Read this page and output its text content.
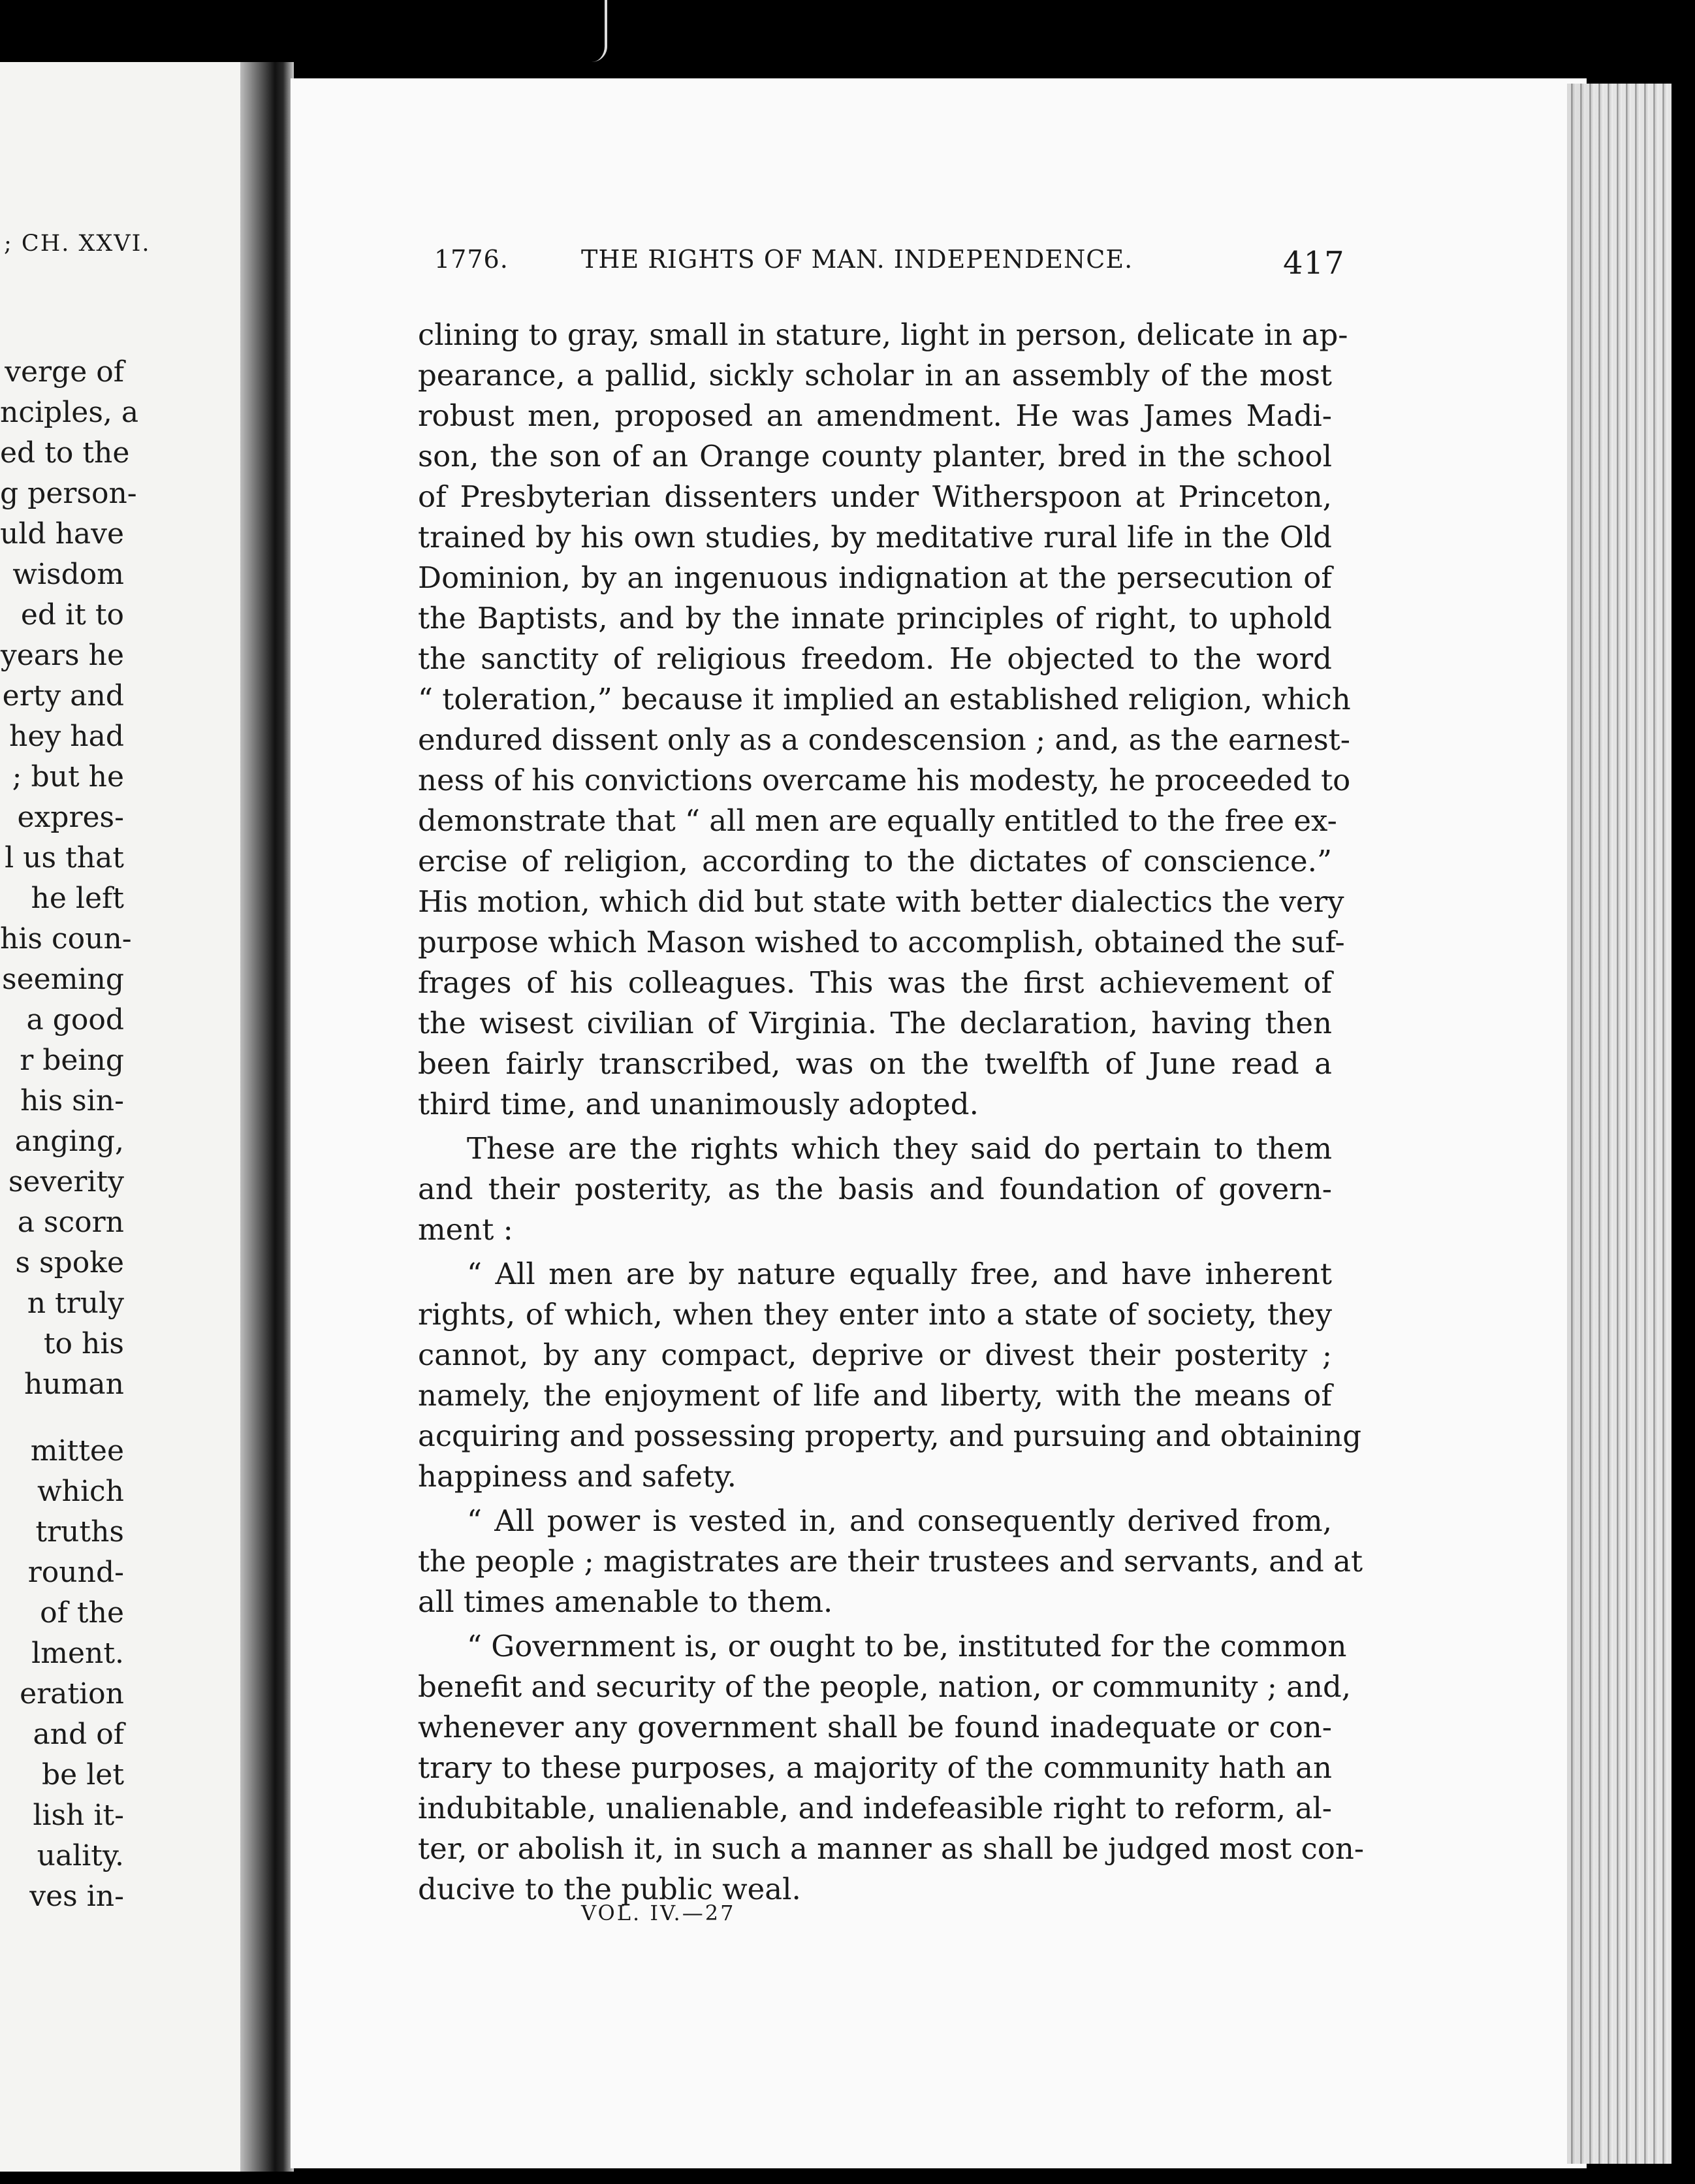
; CH. XXVI.
verge of
nciples, a
ed to the
g person-
uld have
wisdom
ed it to
years he
erty and
hey had
; but he
expres-
l us that
he left
his coun-
seeming
a good
r being
his sin-
anging,
severity
a scorn
s spoke
n truly
to his
human
mittee
which
truths
round-
of the
lment.
eration
and of
be let
lish it-
uality.
ves in-
1776.	THE RIGHTS OF MAN. INDEPENDENCE.	417
clining to gray, small in stature, light in person, delicate in ap-
pearance, a pallid, sickly scholar in an assembly of the most
robust men, proposed an amendment. He was James Madi-
son, the son of an Orange county planter, bred in the school
of Presbyterian dissenters under Witherspoon at Princeton,
trained by his own studies, by meditative rural life in the Old
Dominion, by an ingenuous indignation at the persecution of
the Baptists, and by the innate principles of right, to uphold
the sanctity of religious freedom. He objected to the word
“ toleration,” because it implied an established religion, which
endured dissent only as a condescension ; and, as the earnest-
ness of his convictions overcame his modesty, he proceeded to
demonstrate that “ all men are equally entitled to the free ex-
ercise of religion, according to the dictates of conscience.”
His motion, which did but state with better dialectics the very
purpose which Mason wished to accomplish, obtained the suf-
frages of his colleagues. This was the first achievement of
the wisest civilian of Virginia. The declaration, having then
been fairly transcribed, was on the twelfth of June read a
third time, and unanimously adopted.
These are the rights which they said do pertain to them
and their posterity, as the basis and foundation of govern-
ment :
“ All men are by nature equally free, and have inherent
rights, of which, when they enter into a state of society, they
cannot, by any compact, deprive or divest their posterity ;
namely, the enjoyment of life and liberty, with the means of
acquiring and possessing property, and pursuing and obtaining
happiness and safety.
“ All power is vested in, and consequently derived from,
the people ; magistrates are their trustees and servants, and at
all times amenable to them.
“ Government is, or ought to be, instituted for the common
benefit and security of the people, nation, or community ; and,
whenever any government shall be found inadequate or con-
trary to these purposes, a majority of the community hath an
indubitable, unalienable, and indefeasible right to reform, al-
ter, or abolish it, in such a manner as shall be judged most con-
ducive to the public weal.
VOL. IV.—27
